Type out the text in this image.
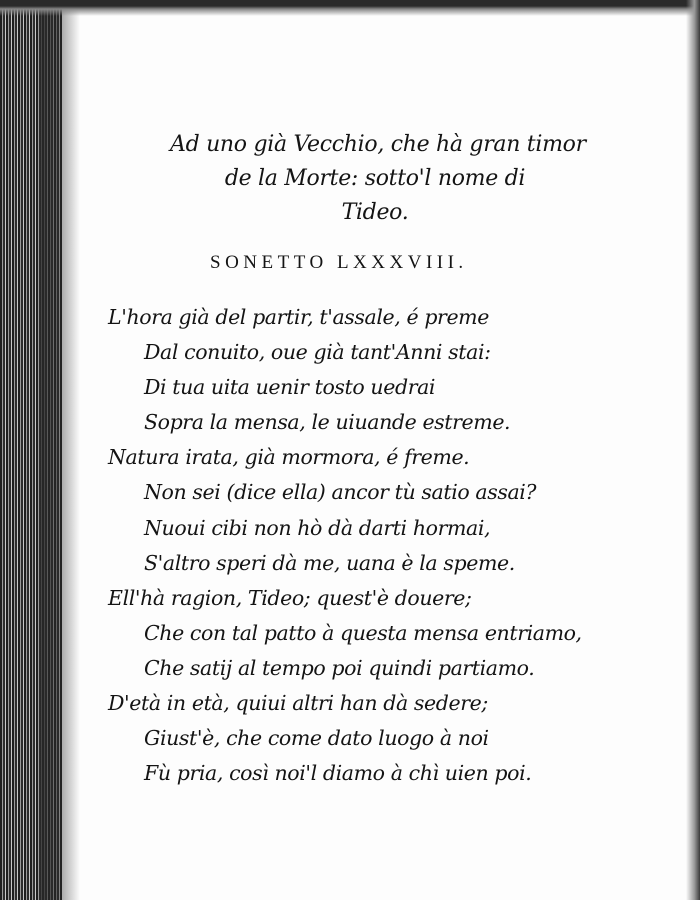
Ad uno già Vecchio, che hà gran timor
de la Morte: sotto'l nome di
Tideo.
SONETTO LXXXVIII.
L'hora già del partir, t'assale, é preme
Dal conuito, oue già tant'Anni stai:
Di tua uita uenir tosto uedrai
Sopra la mensa, le uiuande estreme.
Natura irata, già mormora, é freme.
Non sei (dice ella) ancor tù satio assai?
Nuoui cibi non hò dà darti hormai,
S'altro speri dà me, uana è la speme.
Ell'hà ragion, Tideo; quest'è douere;
Che con tal patto à questa mensa entriamo,
Che satij al tempo poi quindi partiamo.
D'età in età, quiui altri han dà sedere;
Giust'è, che come dato luogo à noi
Fù pria, così noi'l diamo à chì uien poi.
